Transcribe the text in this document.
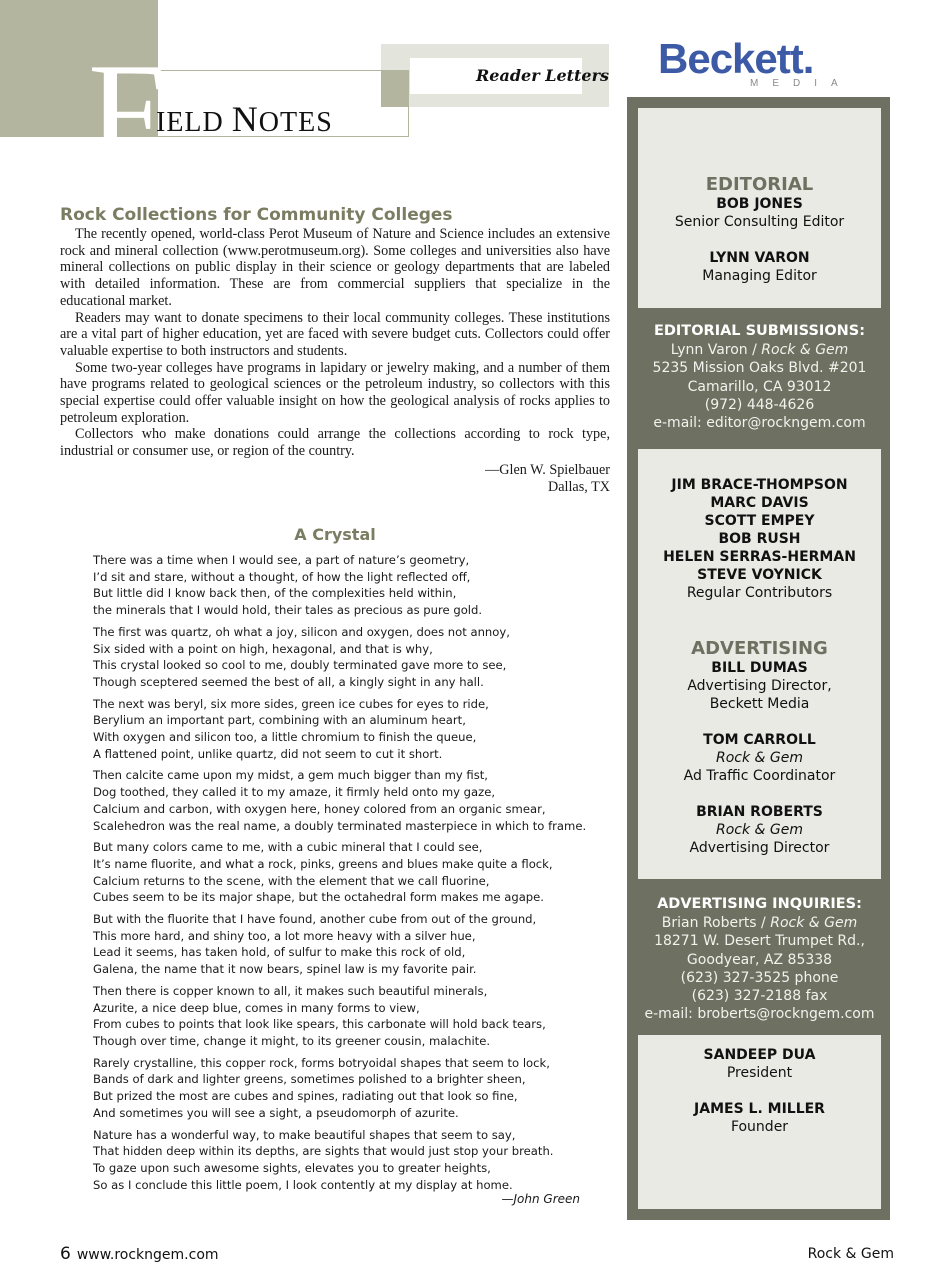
Reader Letters
F
IELD NOTES
Beckett.
MEDIA
Rock Collections for Community Colleges

The recently opened, world-class Perot Museum of Nature and Science includes an extensive rock and mineral collection (www.perotmuseum.org). Some colleges and universities also have mineral collections on public display in their science or geology departments that are labeled with detailed information. These are from commercial suppliers that specialize in the educational market.

Readers may want to donate specimens to their local community colleges. These institutions are a vital part of higher education, yet are faced with severe budget cuts. Collectors could offer valuable expertise to both instructors and students.

Some two-year colleges have programs in lapidary or jewelry making, and a number of them have programs related to geological sciences or the petroleum industry, so collectors with this special expertise could offer valuable insight on how the geological analysis of rocks applies to petroleum exploration.

Collectors who make donations could arrange the collections according to rock type, industrial or consumer use, or region of the country.

—Glen W. Spielbauer
Dallas, TX
A Crystal
There was a time when I would see, a part of nature’s geometry,
I’d sit and stare, without a thought, of how the light reflected off,
But little did I know back then, of the complexities held within,
the minerals that I would hold, their tales as precious as pure gold.
The first was quartz, oh what a joy, silicon and oxygen, does not annoy,
Six sided with a point on high, hexagonal, and that is why,
This crystal looked so cool to me, doubly terminated gave more to see,
Though sceptered seemed the best of all, a kingly sight in any hall.
The next was beryl, six more sides, green ice cubes for eyes to ride,
Berylium an important part, combining with an aluminum heart,
With oxygen and silicon too, a little chromium to finish the queue,
A flattened point, unlike quartz, did not seem to cut it short.
Then calcite came upon my midst, a gem much bigger than my fist,
Dog toothed, they called it to my amaze, it firmly held onto my gaze,
Calcium and carbon, with oxygen here, honey colored from an organic smear,
Scalehedron was the real name, a doubly terminated masterpiece in which to frame.
But many colors came to me, with a cubic mineral that I could see,
It’s name fluorite, and what a rock, pinks, greens and blues make quite a flock,
Calcium returns to the scene, with the element that we call fluorine,
Cubes seem to be its major shape, but the octahedral form makes me agape.
But with the fluorite that I have found, another cube from out of the ground,
This more hard, and shiny too, a lot more heavy with a silver hue,
Lead it seems, has taken hold, of sulfur to make this rock of old,
Galena, the name that it now bears, spinel law is my favorite pair.
Then there is copper known to all, it makes such beautiful minerals,
Azurite, a nice deep blue, comes in many forms to view,
From cubes to points that look like spears, this carbonate will hold back tears,
Though over time, change it might, to its greener cousin, malachite.
Rarely crystalline, this copper rock, forms botryoidal shapes that seem to lock,
Bands of dark and lighter greens, sometimes polished to a brighter sheen,
But prized the most are cubes and spines, radiating out that look so fine,
And sometimes you will see a sight, a pseudomorph of azurite.
Nature has a wonderful way, to make beautiful shapes that seem to say,
That hidden deep within its depths, are sights that would just stop your breath.
To gaze upon such awesome sights, elevates you to greater heights,
So as I conclude this little poem, I look contently at my display at home.
—John Green
EDITORIAL
BOB JONES
Senior Consulting Editor
LYNN VARON
Managing Editor
EDITORIAL SUBMISSIONS:
Lynn Varon / Rock & Gem
5235 Mission Oaks Blvd. #201
Camarillo, CA 93012
(972) 448-4626
e-mail: editor@rockngem.com
JIM BRACE-THOMPSON
MARC DAVIS
SCOTT EMPEY
BOB RUSH
HELEN SERRAS-HERMAN
STEVE VOYNICK
Regular Contributors
ADVERTISING
BILL DUMAS
Advertising Director,
Beckett Media
TOM CARROLL
Rock & Gem
Ad Traffic Coordinator
BRIAN ROBERTS
Rock & Gem
Advertising Director
ADVERTISING INQUIRIES:
Brian Roberts / Rock & Gem
18271 W. Desert Trumpet Rd.,
Goodyear, AZ 85338
(623) 327-3525 phone
(623) 327-2188 fax
e-mail: broberts@rockngem.com
SANDEEP DUA
President
JAMES L. MILLER
Founder
6 www.rockngem.com	Rock & Gem
